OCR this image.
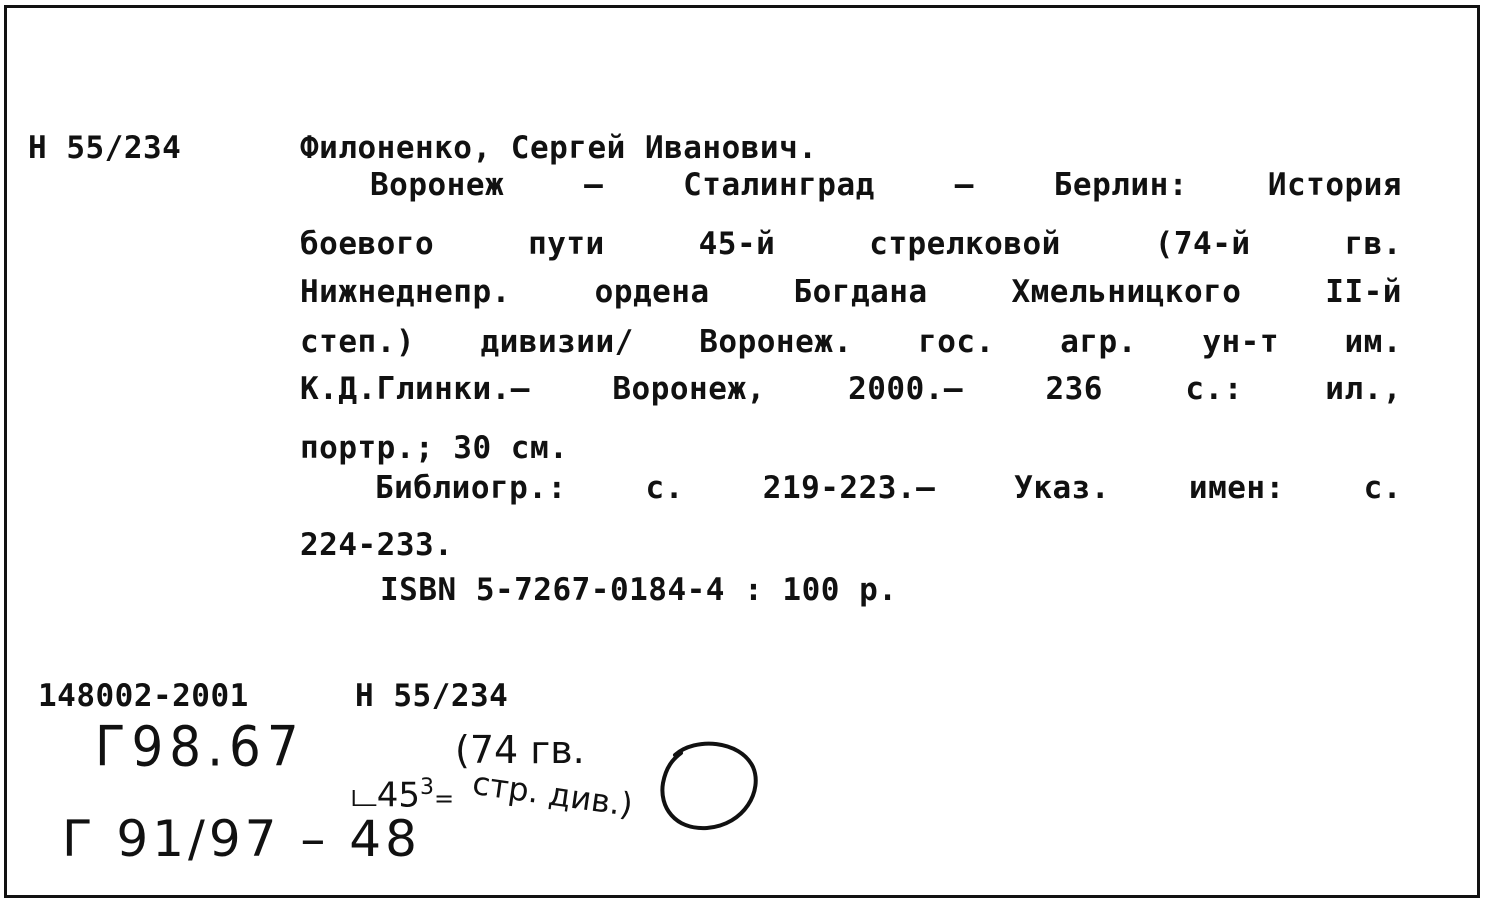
Н 55/234	Филоненко, Сергей Иванович.
Воронеж	–	Сталинград	–	Берлин:	История
боевого	пути	45-й	стрелковой	(74-й	гв.
Нижнеднепр.	ордена	Богдана	Хмельницкого	II-й
степ.) дивизии/ Воронеж. гос. агр. ун-т им.
К.Д.Глинки.–	Воронеж,	2000.–	236	с.:	ил.,
портр.; 30 см.
Библиогр.:	с.	219-223.–	Указ.	имен:	с.
224-233.
ISBN 5-7267-0184-4 : 100 р.
148002-2001	Н 55/234
Г98.67

$ட45^3=$

(74 гв.
стр. див.)
Г 91/97 – 48
